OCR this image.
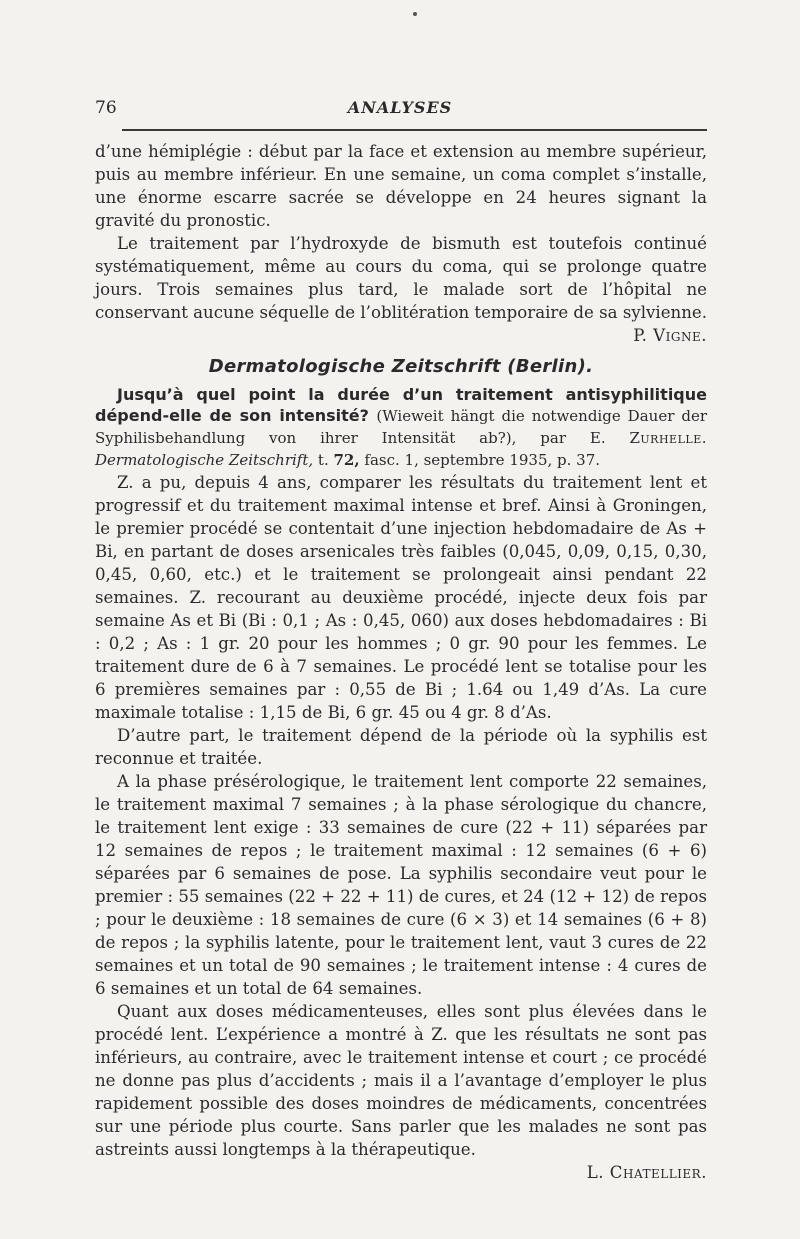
76	ANALYSES

d’une hémiplégie : début par la face et extension au membre supérieur, puis au membre inférieur. En une semaine, un coma complet s’installe, une énorme escarre sacrée se développe en 24 heures signant la gravité du pronostic.

Le traitement par l’hydroxyde de bismuth est toutefois continué systématiquement, même au cours du coma, qui se prolonge quatre jours. Trois semaines plus tard, le malade sort de l’hôpital ne conservant aucune séquelle de l’oblitération temporaire de sa sylvienne.

P. Vigne.

Dermatologische Zeitschrift (Berlin).

Jusqu’à quel point la durée d’un traitement antisyphilitique dépend-elle de son intensité? (Wieweit hängt die notwendige Dauer der Syphilisbehandlung von ihrer Intensität ab?), par E. Zurhelle. Dermatologische Zeitschrift, t. 72, fasc. 1, septembre 1935, p. 37.

Z. a pu, depuis 4 ans, comparer les résultats du traitement lent et progressif et du traitement maximal intense et bref. Ainsi à Groningen, le premier procédé se contentait d’une injection hebdomadaire de As + Bi, en partant de doses arsenicales très faibles (0,045, 0,09, 0,15, 0,30, 0,45, 0,60, etc.) et le traitement se prolongeait ainsi pendant 22 semaines. Z. recourant au deuxième procédé, injecte deux fois par semaine As et Bi (Bi : 0,1 ; As : 0,45, 060) aux doses hebdomadaires : Bi : 0,2 ; As : 1 gr. 20 pour les hommes ; 0 gr. 90 pour les femmes. Le traitement dure de 6 à 7 semaines. Le procédé lent se totalise pour les 6 premières semaines par : 0,55 de Bi ; 1.64 ou 1,49 d’As. La cure maximale totalise : 1,15 de Bi, 6 gr. 45 ou 4 gr. 8 d’As.

D’autre part, le traitement dépend de la période où la syphilis est reconnue et traitée.

A la phase présérologique, le traitement lent comporte 22 semaines, le traitement maximal 7 semaines ; à la phase sérologique du chancre, le traitement lent exige : 33 semaines de cure (22 + 11) séparées par 12 semaines de repos ; le traitement maximal : 12 semaines (6 + 6) séparées par 6 semaines de pose. La syphilis secondaire veut pour le premier : 55 semaines (22 + 22 + 11) de cures, et 24 (12 + 12) de repos ; pour le deuxième : 18 semaines de cure (6 × 3) et 14 semaines (6 + 8) de repos ; la syphilis latente, pour le traitement lent, vaut 3 cures de 22 semaines et un total de 90 semaines ; le traitement intense : 4 cures de 6 semaines et un total de 64 semaines.

Quant aux doses médicamenteuses, elles sont plus élevées dans le procédé lent. L’expérience a montré à Z. que les résultats ne sont pas inférieurs, au contraire, avec le traitement intense et court ; ce procédé ne donne pas plus d’accidents ; mais il a l’avantage d’employer le plus rapidement possible des doses moindres de médicaments, concentrées sur une période plus courte. Sans parler que les malades ne sont pas astreints aussi longtemps à la thérapeutique.

L. Chatellier.
